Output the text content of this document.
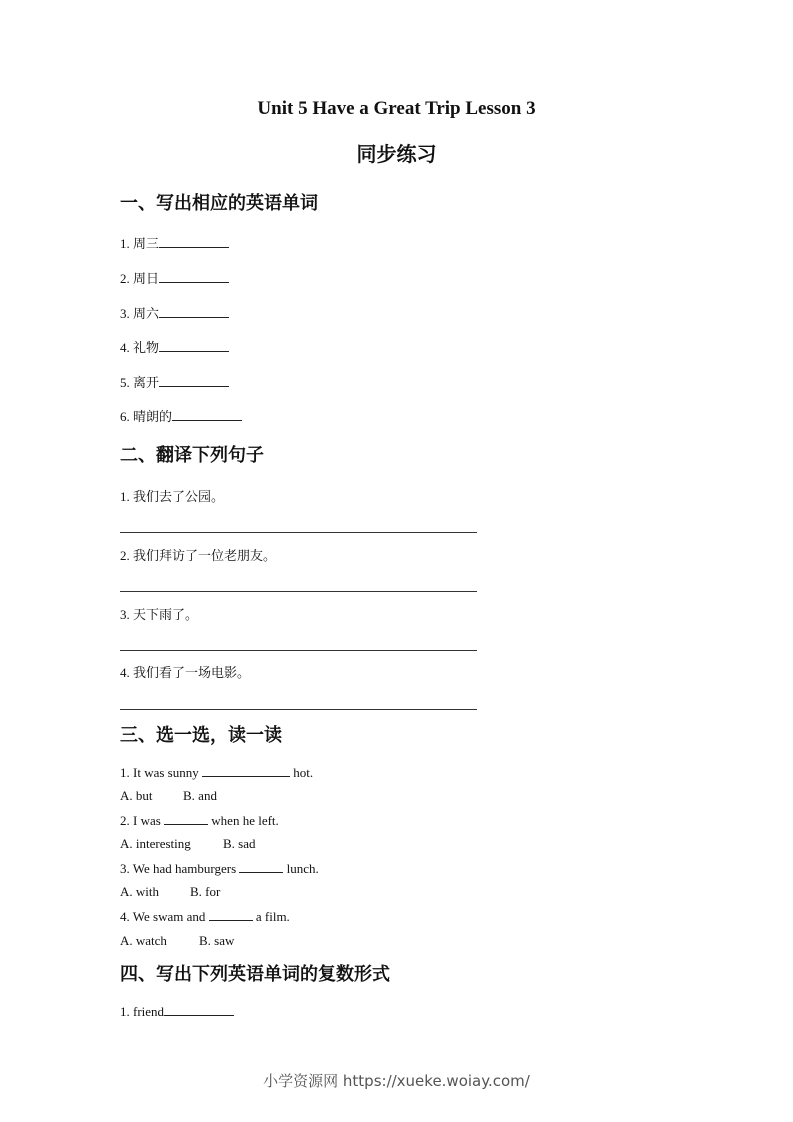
Unit 5 Have a Great Trip Lesson 3
同步练习
一、写出相应的英语单词
1. 周三
2. 周日
3. 周六
4. 礼物
5. 离开
6. 晴朗的
二、翻译下列句子
1. 我们去了公园。
2. 我们拜访了一位老朋友。
3. 天下雨了。
4. 我们看了一场电影。
三、选一选，读一读
1. It was sunny	hot.
A. but B. and
2. I was	when he left.
A. interesting B. sad
3. We had hamburgers	lunch.
A. with B. for
4. We swam and	a film.
A. watch B. saw
四、写出下列英语单词的复数形式
1. friend
小学资源网 https://xueke.woiay.com/
